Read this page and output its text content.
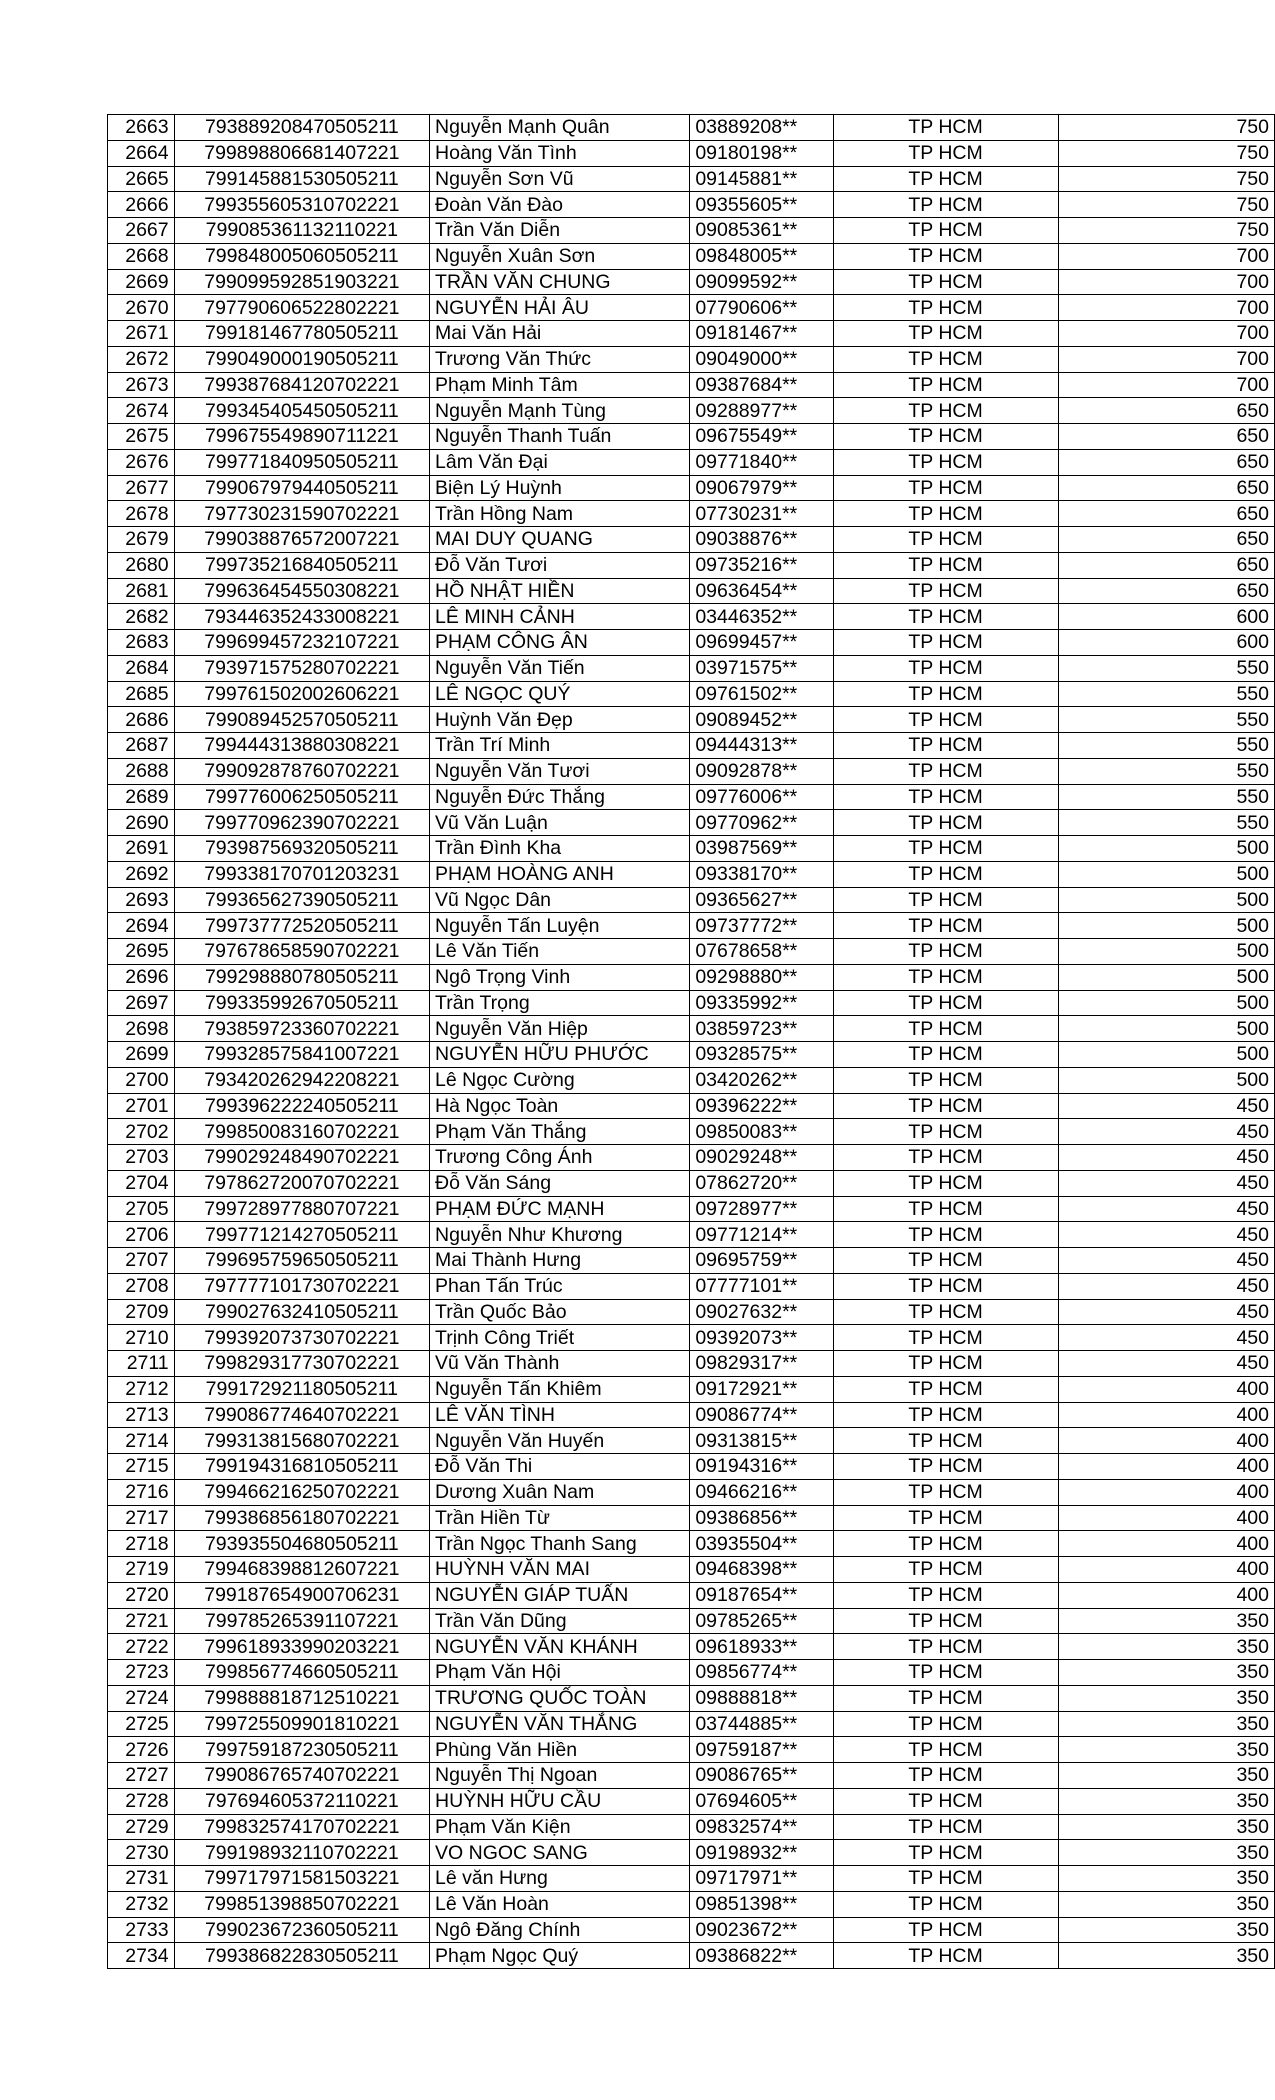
2663	793889208470505211	Nguyễn Mạnh Quân	03889208**	TP HCM	750
2664	799898806681407221	Hoàng Văn Tình	09180198**	TP HCM	750
2665	799145881530505211	Nguyễn Sơn Vũ	09145881**	TP HCM	750
2666	799355605310702221	Đoàn Văn Đào	09355605**	TP HCM	750
2667	799085361132110221	Trần Văn Diễn	09085361**	TP HCM	750
2668	799848005060505211	Nguyễn Xuân Sơn	09848005**	TP HCM	700
2669	799099592851903221	TRẦN VĂN CHUNG	09099592**	TP HCM	700
2670	797790606522802221	NGUYỄN HẢI ÂU	07790606**	TP HCM	700
2671	799181467780505211	Mai Văn Hải	09181467**	TP HCM	700
2672	799049000190505211	Trương Văn Thức	09049000**	TP HCM	700
2673	799387684120702221	Phạm Minh Tâm	09387684**	TP HCM	700
2674	799345405450505211	Nguyễn Mạnh Tùng	09288977**	TP HCM	650
2675	799675549890711221	Nguyễn Thanh Tuấn	09675549**	TP HCM	650
2676	799771840950505211	Lâm Văn Đại	09771840**	TP HCM	650
2677	799067979440505211	Biện Lý Huỳnh	09067979**	TP HCM	650
2678	797730231590702221	Trần Hồng Nam	07730231**	TP HCM	650
2679	799038876572007221	MAI DUY QUANG	09038876**	TP HCM	650
2680	799735216840505211	Đỗ Văn Tươi	09735216**	TP HCM	650
2681	799636454550308221	HỒ NHẬT HIỀN	09636454**	TP HCM	650
2682	793446352433008221	LÊ MINH CẢNH	03446352**	TP HCM	600
2683	799699457232107221	PHẠM CÔNG ÂN	09699457**	TP HCM	600
2684	793971575280702221	Nguyễn Văn Tiến	03971575**	TP HCM	550
2685	799761502002606221	LÊ NGỌC QUÝ	09761502**	TP HCM	550
2686	799089452570505211	Huỳnh Văn Đẹp	09089452**	TP HCM	550
2687	799444313880308221	Trần Trí Minh	09444313**	TP HCM	550
2688	799092878760702221	Nguyễn Văn Tươi	09092878**	TP HCM	550
2689	799776006250505211	Nguyễn Đức Thắng	09776006**	TP HCM	550
2690	799770962390702221	Vũ Văn Luận	09770962**	TP HCM	550
2691	793987569320505211	Trần Đình Kha	03987569**	TP HCM	500
2692	799338170701203231	PHẠM HOÀNG ANH	09338170**	TP HCM	500
2693	799365627390505211	Vũ Ngọc Dân	09365627**	TP HCM	500
2694	799737772520505211	Nguyễn Tấn Luyện	09737772**	TP HCM	500
2695	797678658590702221	Lê Văn Tiến	07678658**	TP HCM	500
2696	799298880780505211	Ngô Trọng Vinh	09298880**	TP HCM	500
2697	799335992670505211	Trần Trọng	09335992**	TP HCM	500
2698	793859723360702221	Nguyễn Văn Hiệp	03859723**	TP HCM	500
2699	799328575841007221	NGUYỄN HỮU PHƯỚC	09328575**	TP HCM	500
2700	793420262942208221	Lê Ngọc Cường	03420262**	TP HCM	500
2701	799396222240505211	Hà Ngọc Toàn	09396222**	TP HCM	450
2702	799850083160702221	Phạm Văn Thắng	09850083**	TP HCM	450
2703	799029248490702221	Trương Công Ánh	09029248**	TP HCM	450
2704	797862720070702221	Đỗ Văn Sáng	07862720**	TP HCM	450
2705	799728977880707221	PHẠM ĐỨC MẠNH	09728977**	TP HCM	450
2706	799771214270505211	Nguyễn Như Khương	09771214**	TP HCM	450
2707	799695759650505211	Mai Thành Hưng	09695759**	TP HCM	450
2708	797777101730702221	Phan Tấn Trúc	07777101**	TP HCM	450
2709	799027632410505211	Trần Quốc Bảo	09027632**	TP HCM	450
2710	799392073730702221	Trịnh Công Triết	09392073**	TP HCM	450
2711	799829317730702221	Vũ Văn Thành	09829317**	TP HCM	450
2712	799172921180505211	Nguyễn Tấn Khiêm	09172921**	TP HCM	400
2713	799086774640702221	LÊ VĂN TÌNH	09086774**	TP HCM	400
2714	799313815680702221	Nguyễn Văn Huyến	09313815**	TP HCM	400
2715	799194316810505211	Đỗ Văn Thi	09194316**	TP HCM	400
2716	799466216250702221	Dương Xuân Nam	09466216**	TP HCM	400
2717	799386856180702221	Trần Hiền Từ	09386856**	TP HCM	400
2718	793935504680505211	Trần Ngọc Thanh Sang	03935504**	TP HCM	400
2719	799468398812607221	HUỲNH VĂN MAI	09468398**	TP HCM	400
2720	799187654900706231	NGUYỄN GIÁP TUẤN	09187654**	TP HCM	400
2721	799785265391107221	Trần Văn Dũng	09785265**	TP HCM	350
2722	799618933990203221	NGUYỄN VĂN KHÁNH	09618933**	TP HCM	350
2723	799856774660505211	Phạm Văn Hội	09856774**	TP HCM	350
2724	799888818712510221	TRƯƠNG QUỐC TOÀN	09888818**	TP HCM	350
2725	799725509901810221	NGUYỄN VĂN THẮNG	03744885**	TP HCM	350
2726	799759187230505211	Phùng Văn Hiền	09759187**	TP HCM	350
2727	799086765740702221	Nguyễn Thị Ngoan	09086765**	TP HCM	350
2728	797694605372110221	HUỲNH HỮU CẦU	07694605**	TP HCM	350
2729	799832574170702221	Phạm Văn Kiện	09832574**	TP HCM	350
2730	799198932110702221	VO NGOC SANG	09198932**	TP HCM	350
2731	799717971581503221	Lê văn Hưng	09717971**	TP HCM	350
2732	799851398850702221	Lê Văn Hoàn	09851398**	TP HCM	350
2733	799023672360505211	Ngô Đăng Chính	09023672**	TP HCM	350
2734	799386822830505211	Phạm Ngọc Quý	09386822**	TP HCM	350
